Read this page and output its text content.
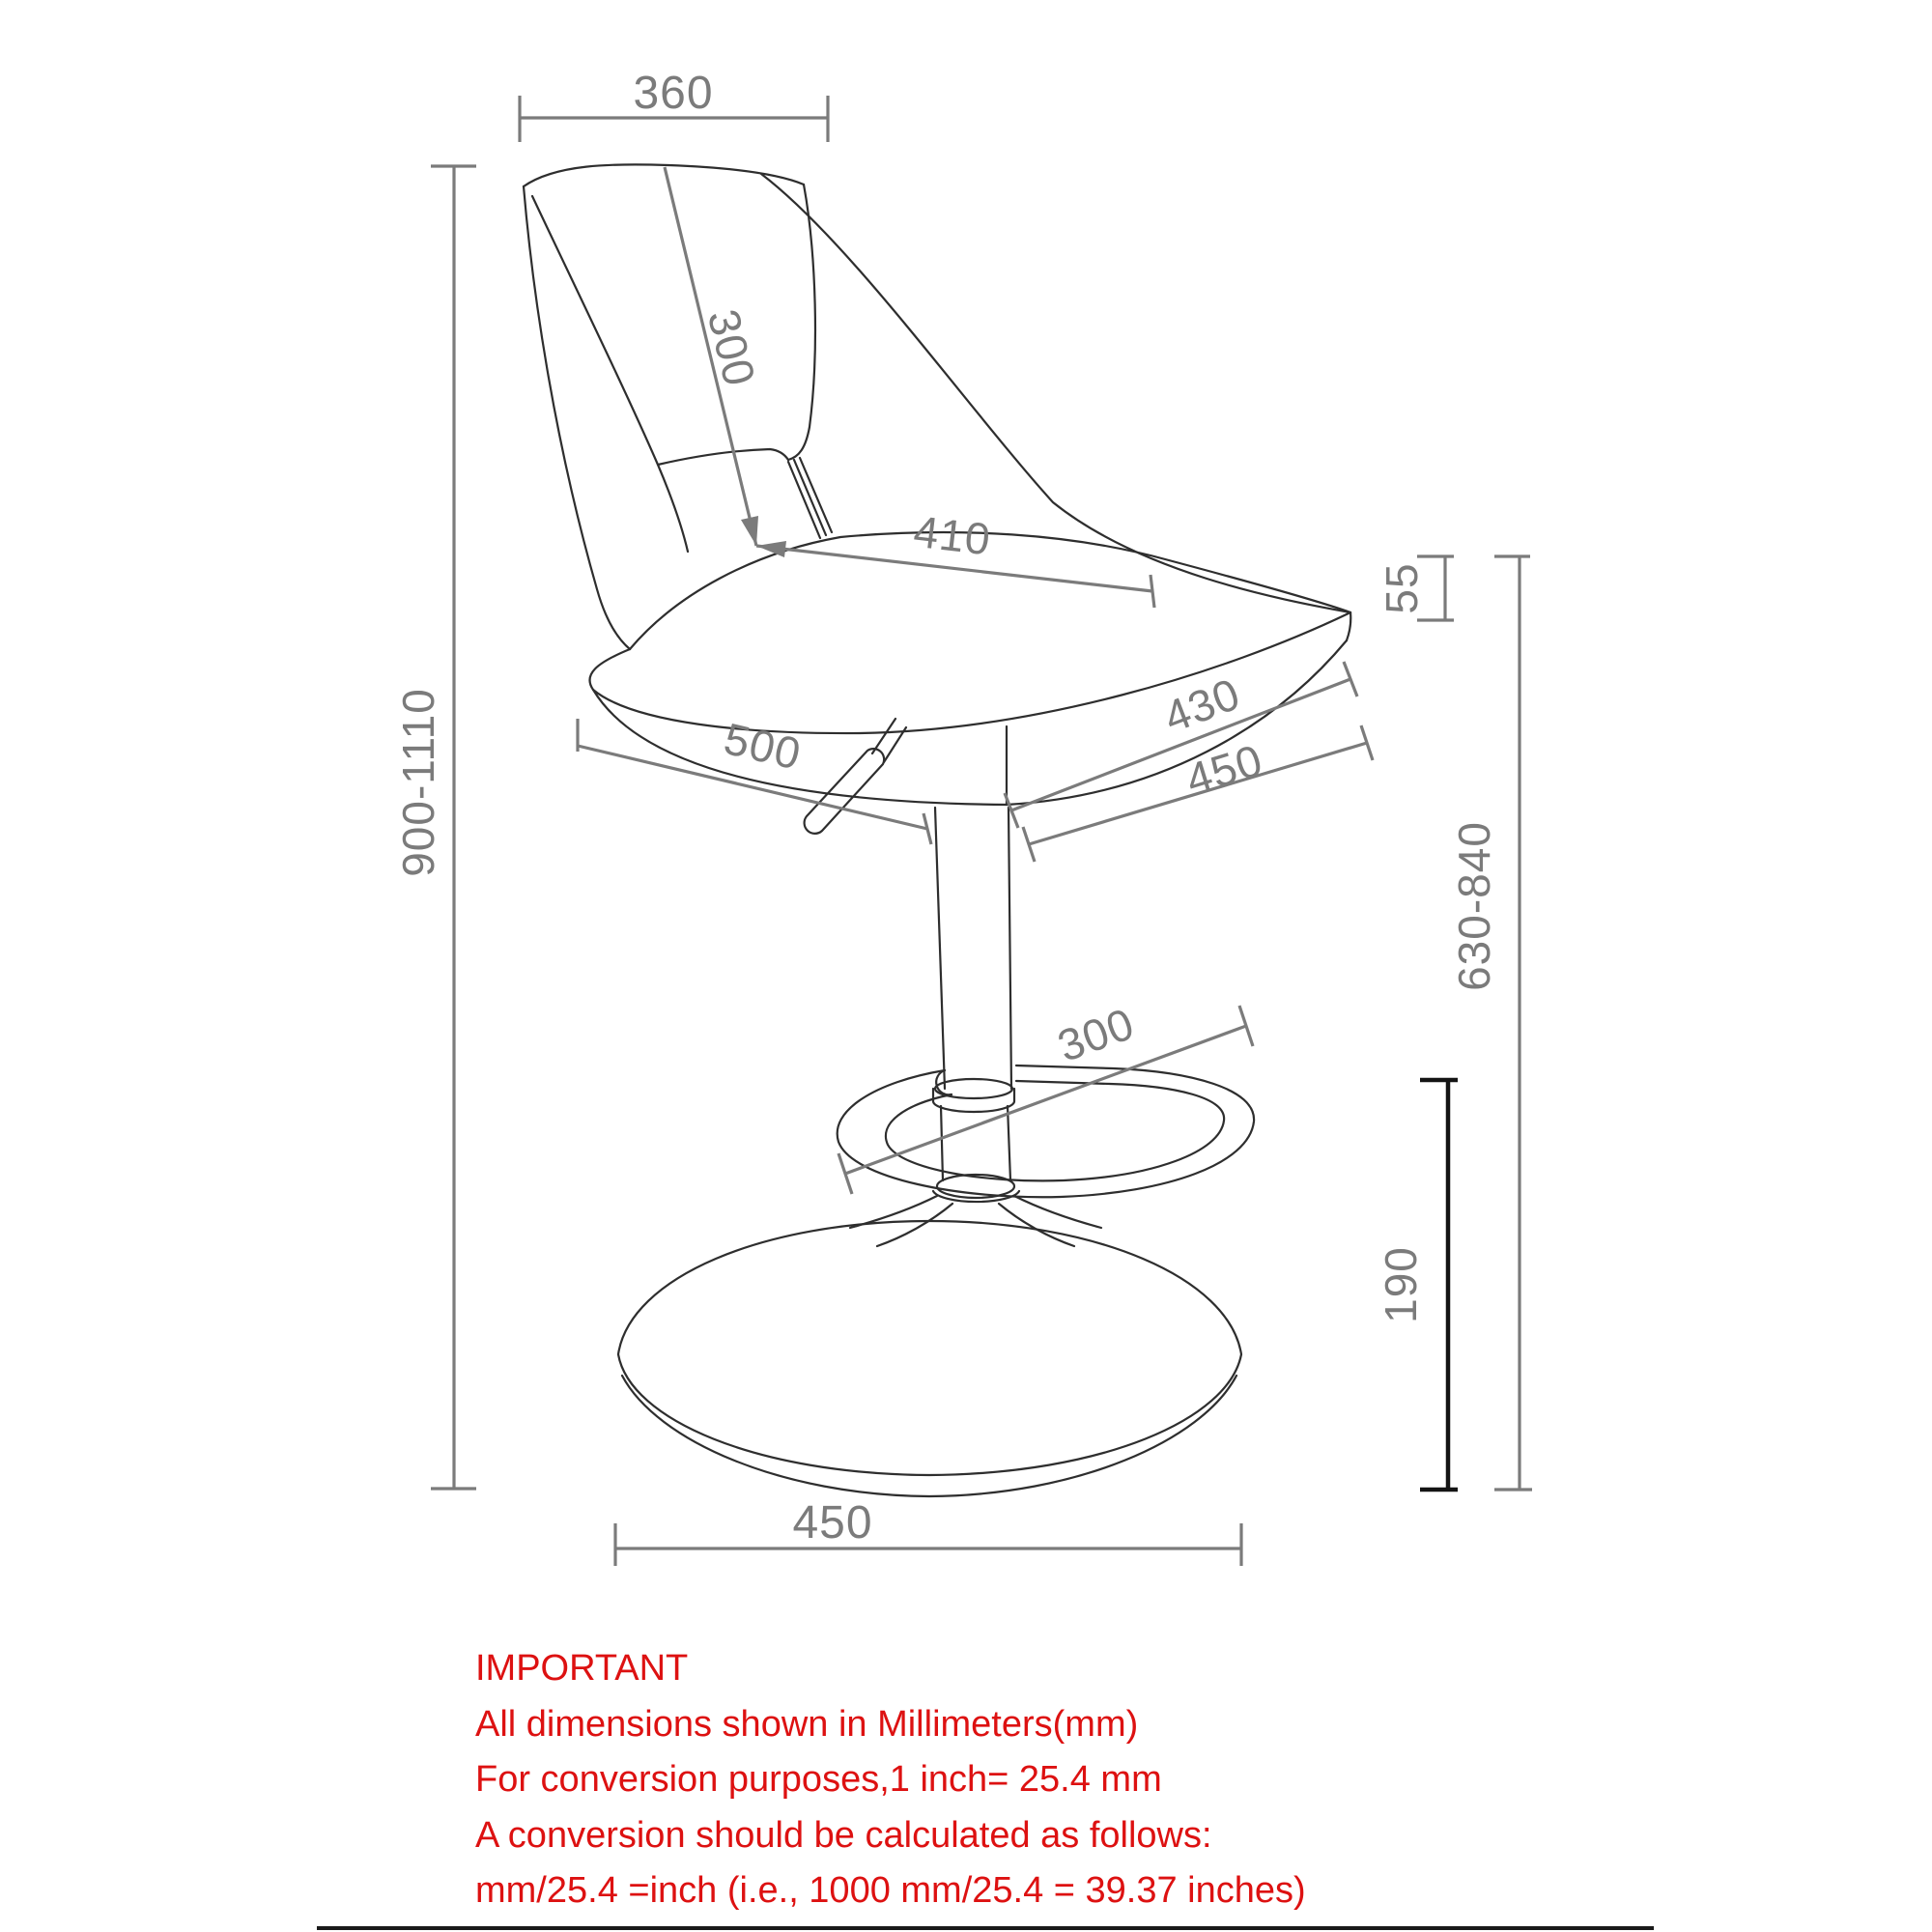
360
900-1110
300
410
55
430
450
500
630-840
300
190
450
IMPORTANT
All dimensions shown in Millimeters(mm)
For conversion purposes,1 inch= 25.4 mm
A conversion should be calculated as follows:
mm/25.4 =inch (i.e., 1000 mm/25.4 = 39.37 inches)
